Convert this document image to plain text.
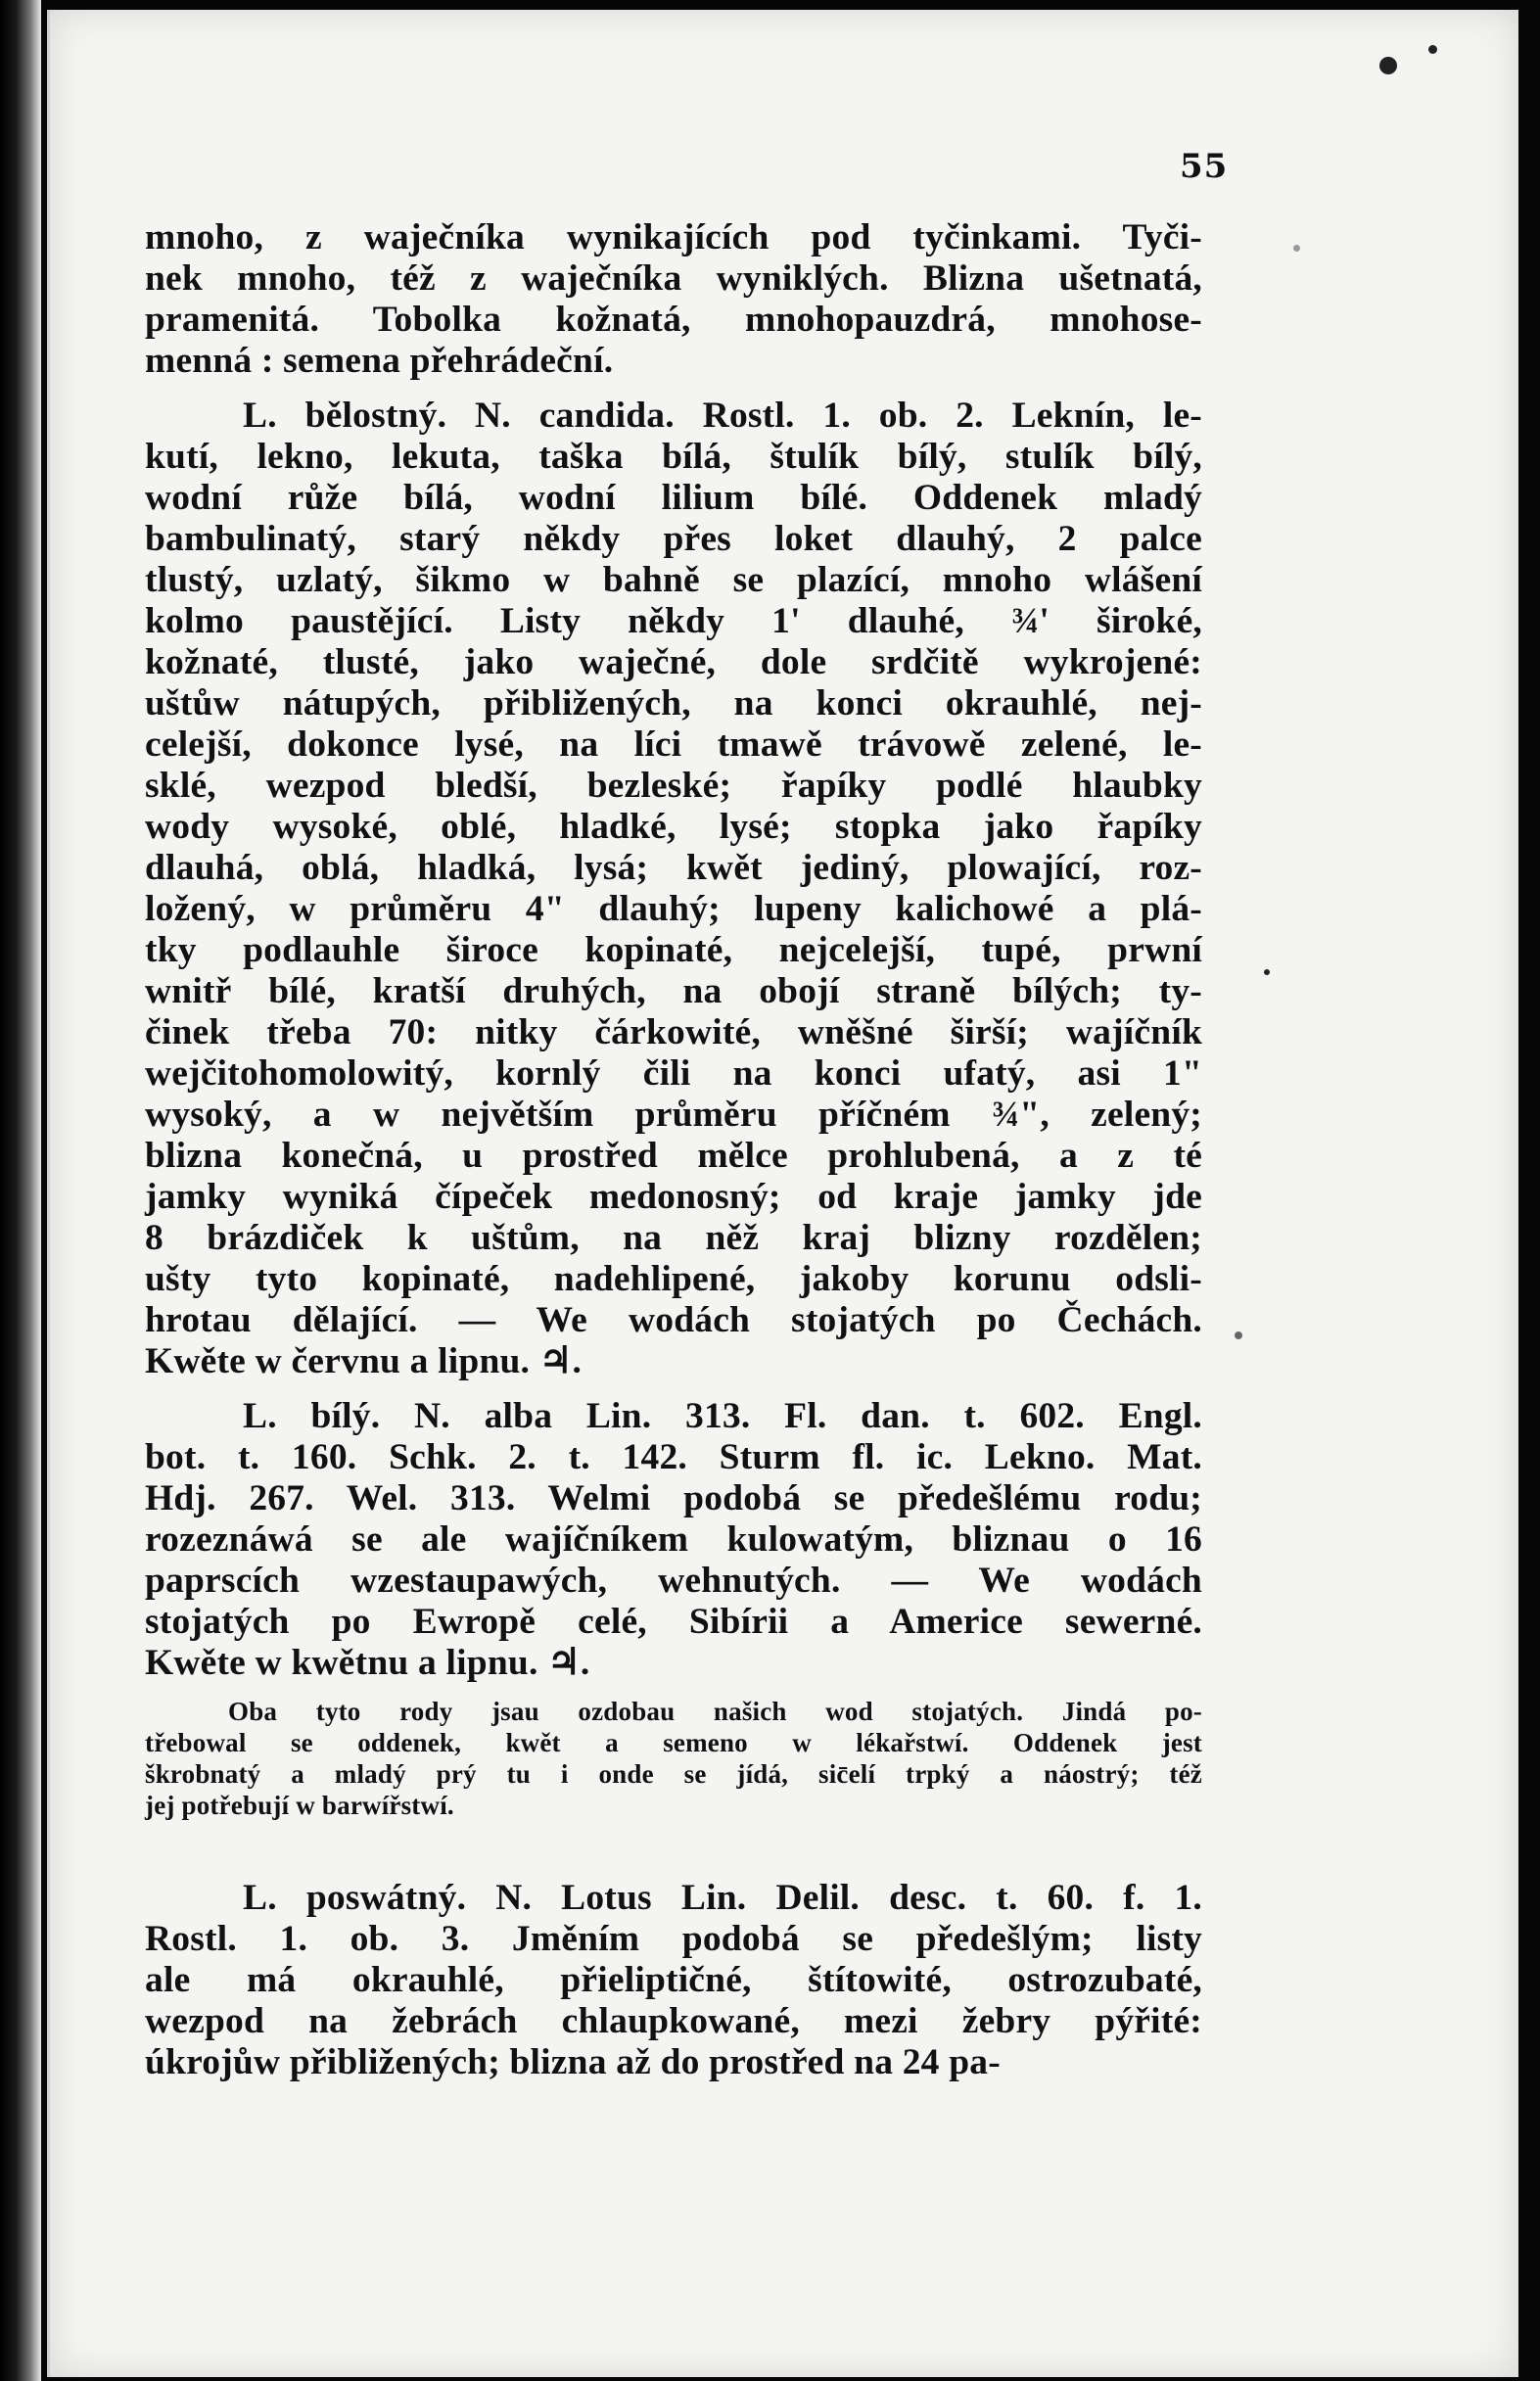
55
mnoho, z waječníka wynikajících pod tyčinkami. Tyči-
nek mnoho, též z waječníka wyniklých. Blizna ušetnatá,
pramenitá. Tobolka kožnatá, mnohopauzdrá, mnohose-
menná : semena přehrádeční.
L. bělostný. N. candida. Rostl. 1. ob. 2. Leknín, le-
kutí, lekno, lekuta, taška bílá, štulík bílý, stulík bílý,
wodní růže bílá, wodní lilium bílé. Oddenek mladý
bambulinatý, starý někdy přes loket dlauhý, 2 palce
tlustý, uzlatý, šikmo w bahně se plazící, mnoho wlášení
kolmo paustějící. Listy někdy 1' dlauhé, ¾' široké,
kožnaté, tlusté, jako waječné, dole srdčitě wykrojené:
uštůw nátupých, přibližených, na konci okrauhlé, nej-
celejší, dokonce lysé, na líci tmawě trávowě zelené, le-
sklé, wezpod bledší, bezleské; řapíky podlé hlaubky
wody wysoké, oblé, hladké, lysé; stopka jako řapíky
dlauhá, oblá, hladká, lysá; kwět jediný, plowající, roz-
ložený, w průměru 4" dlauhý; lupeny kalichowé a plá-
tky podlauhle široce kopinaté, nejcelejší, tupé, prwní
wnitř bílé, kratší druhých, na obojí straně bílých; ty-
činek třeba 70: nitky čárkowité, wněšné širší; wajíčník
wejčitohomolowitý, kornlý čili na konci ufatý, asi 1"
wysoký, a w největším průměru příčném ¾", zelený;
blizna konečná, u prostřed mělce prohlubená, a z té
jamky wyniká čípeček medonosný; od kraje jamky jde
8 brázdiček k uštům, na něž kraj blizny rozdělen;
ušty tyto kopinaté, nadehlipené, jakoby korunu odsli-
hrotau dělající. — We wodách stojatých po Čechách.
Kwěte w červnu a lipnu. ♃.
L. bílý. N. alba Lin. 313. Fl. dan. t. 602. Engl.
bot. t. 160. Schk. 2. t. 142. Sturm fl. ic. Lekno. Mat.
Hdj. 267. Wel. 313. Welmi podobá se předešlému rodu;
rozeznáwá se ale wajíčníkem kulowatým, bliznau o 16
paprscích wzestaupawých, wehnutých. — We wodách
stojatých po Ewropě celé, Sibírii a Americe sewerné.
Kwěte w kwětnu a lipnu. ♃.
Oba tyto rody jsau ozdobau našich wod stojatých. Jindá po-
třebowal se oddenek, kwět a semeno w lékařstwí. Oddenek jest
škrobnatý a mladý prý tu i onde se jídá, sic̄elí trpký a náostrý; též
jej potřebují w barwířstwí.
L. poswátný. N. Lotus Lin. Delil. desc. t. 60. f. 1.
Rostl. 1. ob. 3. Jměním podobá se předešlým; listy
ale má okrauhlé, přieliptičné, štítowité, ostrozubaté,
wezpod na žebrách chlaupkowané, mezi žebry pýřité:
úkrojůw přibližených; blizna až do prostřed na 24 pa-
